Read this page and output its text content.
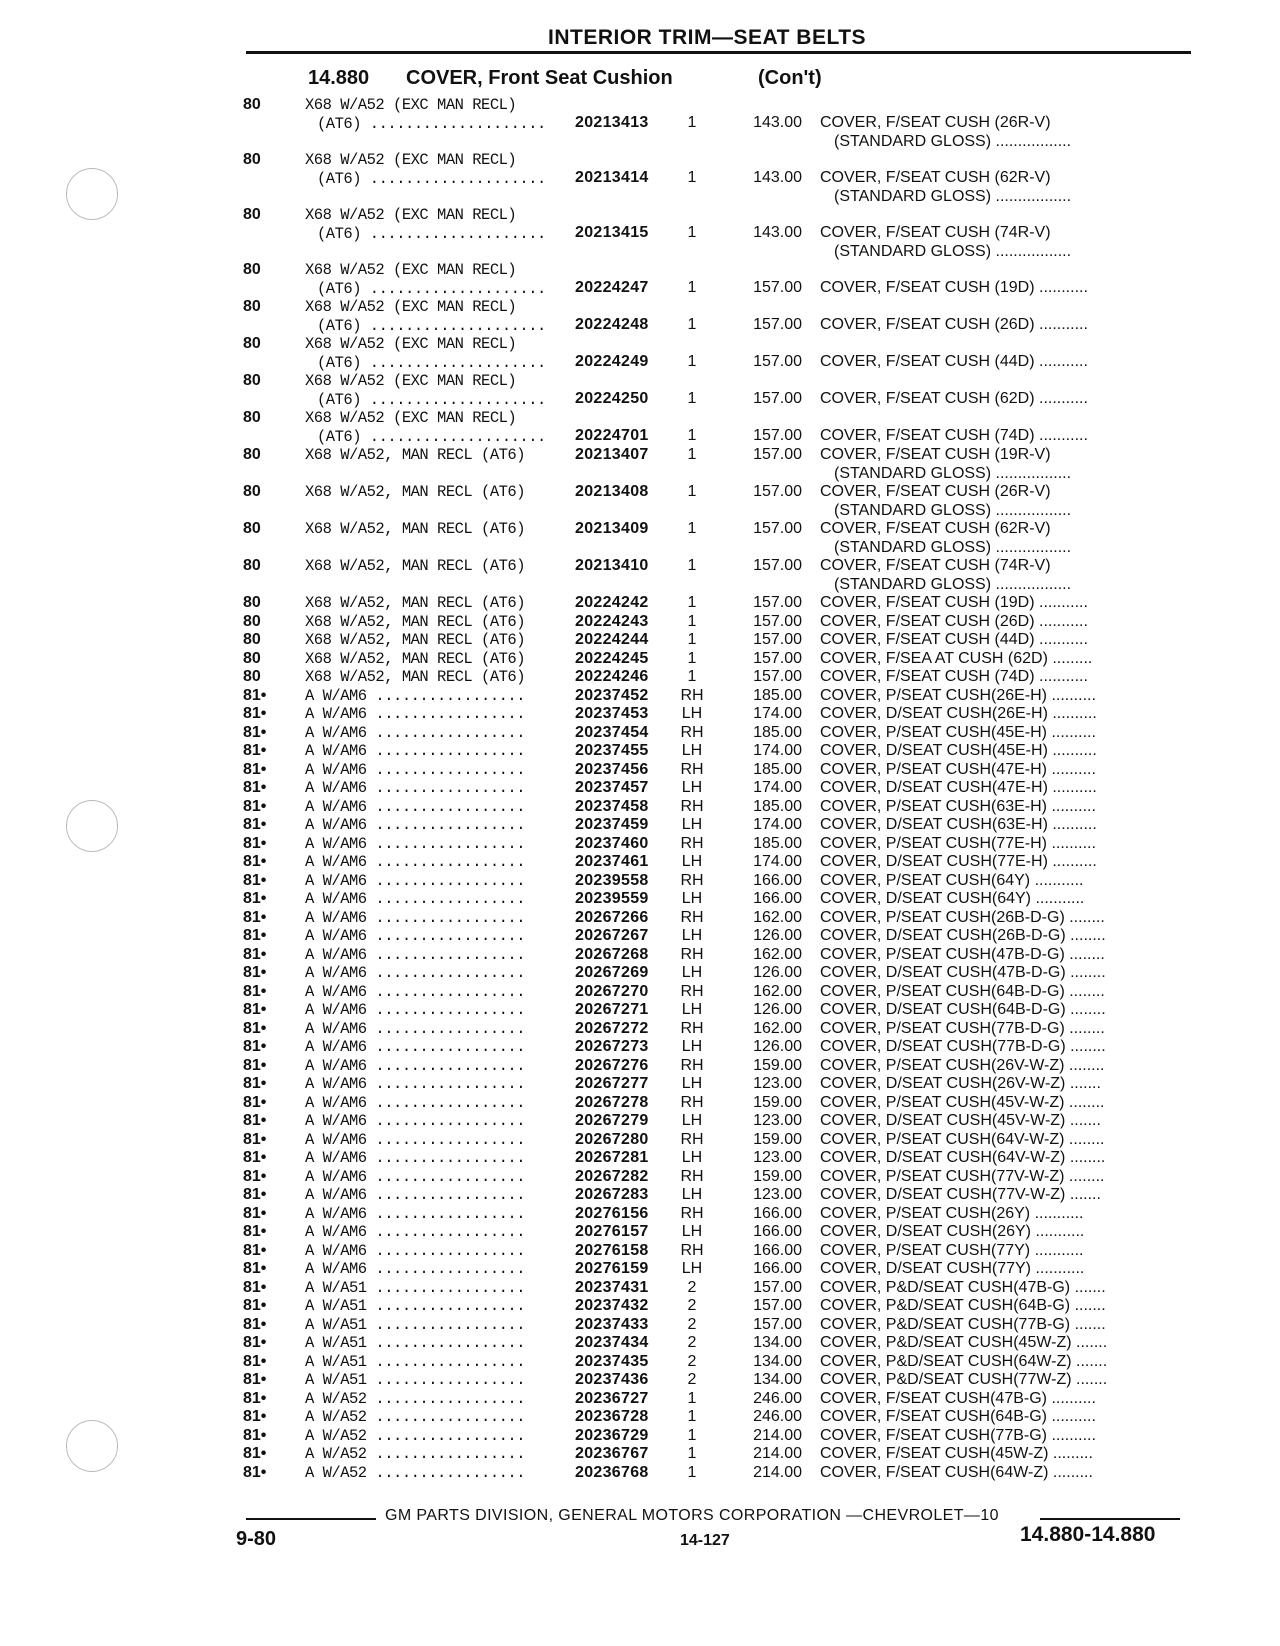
INTERIOR TRIM—SEAT BELTS
14.880	COVER, Front Seat Cushion	(Con't)
80	X68 W/A52 (EXC MAN RECL)
(AT6) ....................	20213413	1	143.00 COVER, F/SEAT CUSH (26R-V)
(STANDARD GLOSS) .................
80	X68 W/A52 (EXC MAN RECL)
(AT6) ....................	20213414	1	143.00 COVER, F/SEAT CUSH (62R-V)
(STANDARD GLOSS) .................
80	X68 W/A52 (EXC MAN RECL)
(AT6) ....................	20213415	1	143.00 COVER, F/SEAT CUSH (74R-V)
(STANDARD GLOSS) .................
80	X68 W/A52 (EXC MAN RECL)
(AT6) ....................	20224247	1	157.00 COVER, F/SEAT CUSH (19D) ...........
80	X68 W/A52 (EXC MAN RECL)
(AT6) ....................	20224248	1	157.00 COVER, F/SEAT CUSH (26D) ...........
80	X68 W/A52 (EXC MAN RECL)
(AT6) ....................	20224249	1	157.00 COVER, F/SEAT CUSH (44D) ...........
80	X68 W/A52 (EXC MAN RECL)
(AT6) ....................	20224250	1	157.00 COVER, F/SEAT CUSH (62D) ...........
80	X68 W/A52 (EXC MAN RECL)
(AT6) ....................	20224701	1	157.00 COVER, F/SEAT CUSH (74D) ...........
80	X68 W/A52, MAN RECL (AT6)	20213407	1	157.00 COVER, F/SEAT CUSH (19R-V)
(STANDARD GLOSS) .................
80	X68 W/A52, MAN RECL (AT6)	20213408	1	157.00 COVER, F/SEAT CUSH (26R-V)
(STANDARD GLOSS) .................
80	X68 W/A52, MAN RECL (AT6)	20213409	1	157.00 COVER, F/SEAT CUSH (62R-V)
(STANDARD GLOSS) .................
80	X68 W/A52, MAN RECL (AT6)	20213410	1	157.00 COVER, F/SEAT CUSH (74R-V)
(STANDARD GLOSS) .................
80	X68 W/A52, MAN RECL (AT6)	20224242	1	157.00 COVER, F/SEAT CUSH (19D) ...........
80	X68 W/A52, MAN RECL (AT6)	20224243	1	157.00 COVER, F/SEAT CUSH (26D) ...........
80	X68 W/A52, MAN RECL (AT6)	20224244	1	157.00 COVER, F/SEAT CUSH (44D) ...........
80	X68 W/A52, MAN RECL (AT6)	20224245	1	157.00 COVER, F/SEA AT CUSH (62D) .........
80	X68 W/A52, MAN RECL (AT6)	20224246	1	157.00 COVER, F/SEAT CUSH (74D) ...........
81•	A W/AM6 .................	20237452	RH	185.00 COVER, P/SEAT CUSH(26E-H) ..........
81•	A W/AM6 .................	20237453	LH	174.00 COVER, D/SEAT CUSH(26E-H) ..........
81•	A W/AM6 .................	20237454	RH	185.00 COVER, P/SEAT CUSH(45E-H) ..........
81•	A W/AM6 .................	20237455	LH	174.00 COVER, D/SEAT CUSH(45E-H) ..........
81•	A W/AM6 .................	20237456	RH	185.00 COVER, P/SEAT CUSH(47E-H) ..........
81•	A W/AM6 .................	20237457	LH	174.00 COVER, D/SEAT CUSH(47E-H) ..........
81•	A W/AM6 .................	20237458	RH	185.00 COVER, P/SEAT CUSH(63E-H) ..........
81•	A W/AM6 .................	20237459	LH	174.00 COVER, D/SEAT CUSH(63E-H) ..........
81•	A W/AM6 .................	20237460	RH	185.00 COVER, P/SEAT CUSH(77E-H) ..........
81•	A W/AM6 .................	20237461	LH	174.00 COVER, D/SEAT CUSH(77E-H) ..........
81•	A W/AM6 .................	20239558	RH	166.00 COVER, P/SEAT CUSH(64Y) ...........
81•	A W/AM6 .................	20239559	LH	166.00 COVER, D/SEAT CUSH(64Y) ...........
81•	A W/AM6 .................	20267266	RH	162.00 COVER, P/SEAT CUSH(26B-D-G) ........
81•	A W/AM6 .................	20267267	LH	126.00 COVER, D/SEAT CUSH(26B-D-G) ........
81•	A W/AM6 .................	20267268	RH	162.00 COVER, P/SEAT CUSH(47B-D-G) ........
81•	A W/AM6 .................	20267269	LH	126.00 COVER, D/SEAT CUSH(47B-D-G) ........
81•	A W/AM6 .................	20267270	RH	162.00 COVER, P/SEAT CUSH(64B-D-G) ........
81•	A W/AM6 .................	20267271	LH	126.00 COVER, D/SEAT CUSH(64B-D-G) ........
81•	A W/AM6 .................	20267272	RH	162.00 COVER, P/SEAT CUSH(77B-D-G) ........
81•	A W/AM6 .................	20267273	LH	126.00 COVER, D/SEAT CUSH(77B-D-G) ........
81•	A W/AM6 .................	20267276	RH	159.00 COVER, P/SEAT CUSH(26V-W-Z) ........
81•	A W/AM6 .................	20267277	LH	123.00 COVER, D/SEAT CUSH(26V-W-Z) .......
81•	A W/AM6 .................	20267278	RH	159.00 COVER, P/SEAT CUSH(45V-W-Z) ........
81•	A W/AM6 .................	20267279	LH	123.00 COVER, D/SEAT CUSH(45V-W-Z) .......
81•	A W/AM6 .................	20267280	RH	159.00 COVER, P/SEAT CUSH(64V-W-Z) ........
81•	A W/AM6 .................	20267281	LH	123.00 COVER, D/SEAT CUSH(64V-W-Z) ........
81•	A W/AM6 .................	20267282	RH	159.00 COVER, P/SEAT CUSH(77V-W-Z) ........
81•	A W/AM6 .................	20267283	LH	123.00 COVER, D/SEAT CUSH(77V-W-Z) .......
81•	A W/AM6 .................	20276156	RH	166.00 COVER, P/SEAT CUSH(26Y) ...........
81•	A W/AM6 .................	20276157	LH	166.00 COVER, D/SEAT CUSH(26Y) ...........
81•	A W/AM6 .................	20276158	RH	166.00 COVER, P/SEAT CUSH(77Y) ...........
81•	A W/AM6 .................	20276159	LH	166.00 COVER, D/SEAT CUSH(77Y) ...........
81•	A W/A51 .................	20237431	2	157.00 COVER, P&D/SEAT CUSH(47B-G) .......
81•	A W/A51 .................	20237432	2	157.00 COVER, P&D/SEAT CUSH(64B-G) .......
81•	A W/A51 .................	20237433	2	157.00 COVER, P&D/SEAT CUSH(77B-G) .......
81•	A W/A51 .................	20237434	2	134.00 COVER, P&D/SEAT CUSH(45W-Z) .......
81•	A W/A51 .................	20237435	2	134.00 COVER, P&D/SEAT CUSH(64W-Z) .......
81•	A W/A51 .................	20237436	2	134.00 COVER, P&D/SEAT CUSH(77W-Z) .......
81•	A W/A52 .................	20236727	1	246.00 COVER, F/SEAT CUSH(47B-G) ..........
81•	A W/A52 .................	20236728	1	246.00 COVER, F/SEAT CUSH(64B-G) ..........
81•	A W/A52 .................	20236729	1	214.00 COVER, F/SEAT CUSH(77B-G) ..........
81•	A W/A52 .................	20236767	1	214.00 COVER, F/SEAT CUSH(45W-Z) .........
81•	A W/A52 .................	20236768	1	214.00 COVER, F/SEAT CUSH(64W-Z) .........
GM PARTS DIVISION, GENERAL MOTORS CORPORATION —CHEVROLET—10
9-80	14-127	14.880-14.880
